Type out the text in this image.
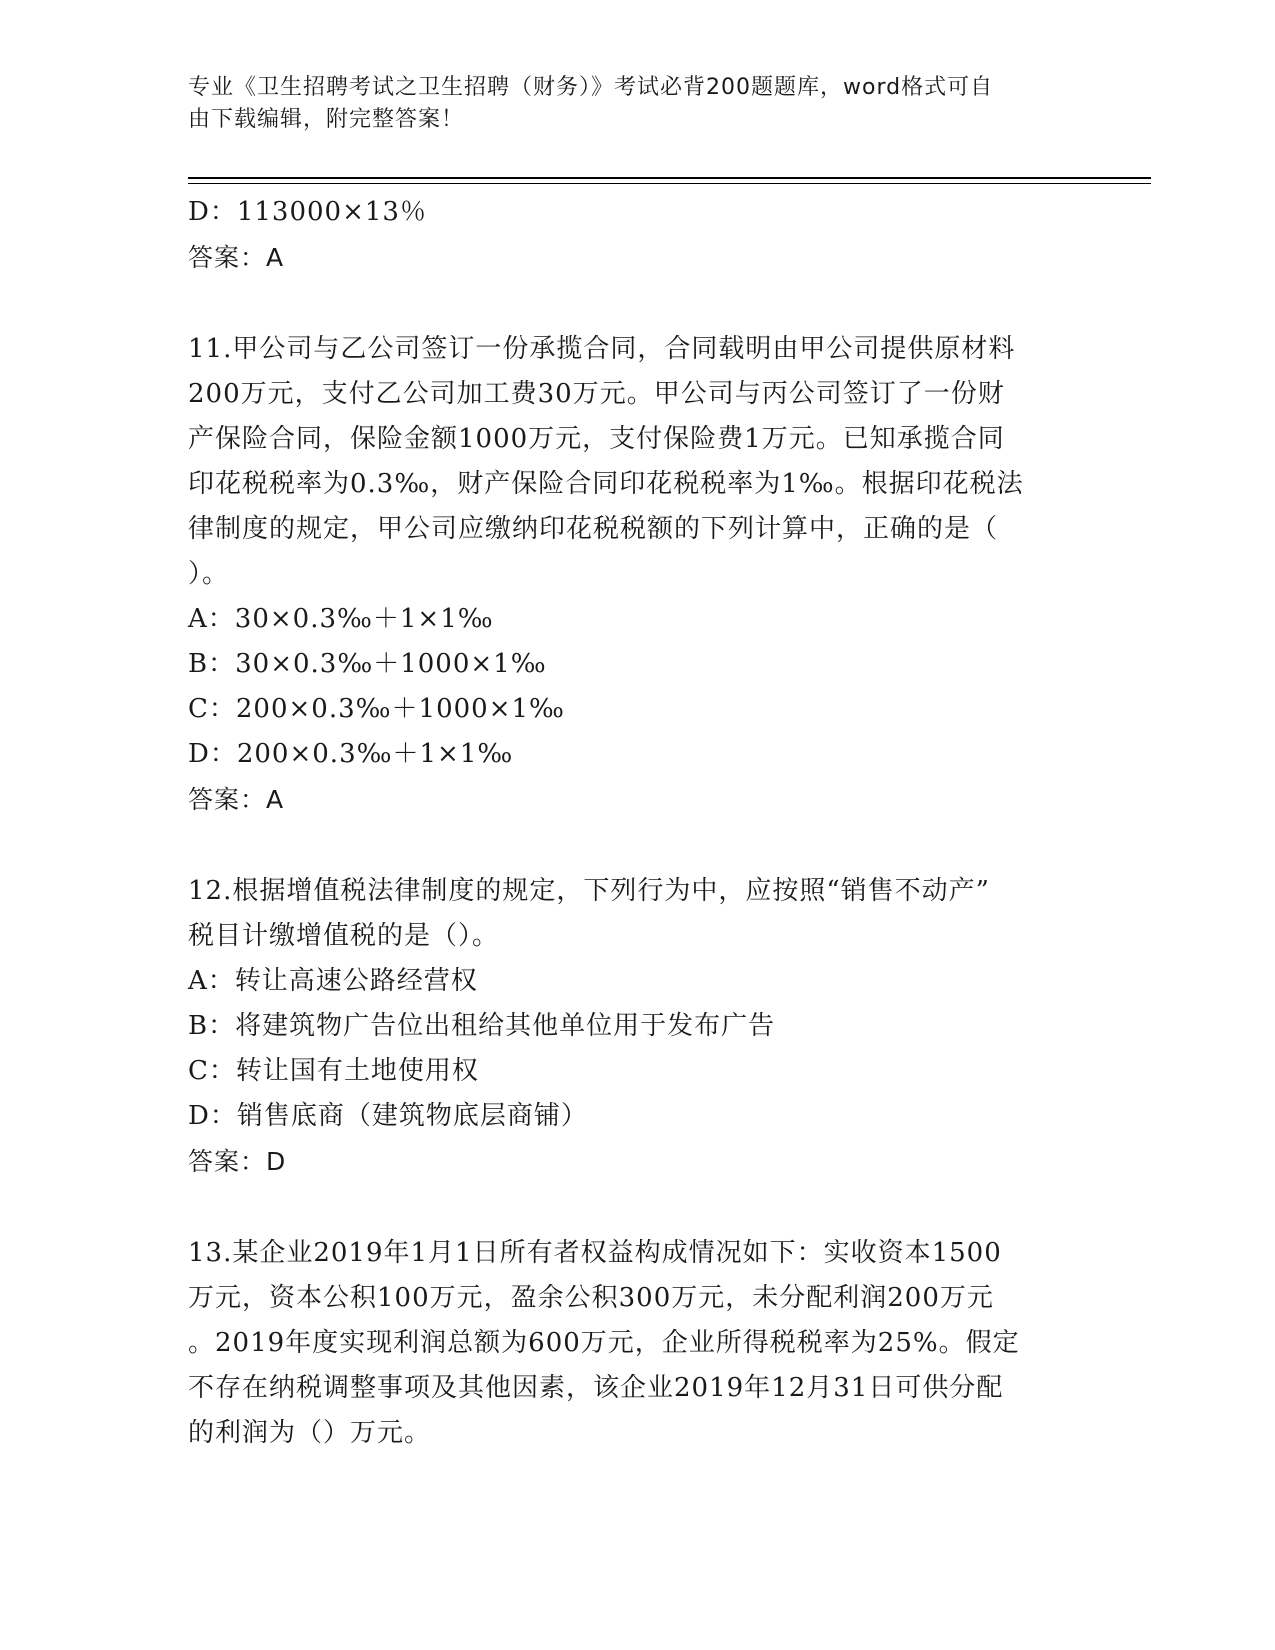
专业《卫生招聘考试之卫生招聘（财务）》考试必背200题题库，word格式可自
由下载编辑，附完整答案！
D：113000×13％
答案：A
11.甲公司与乙公司签订一份承揽合同，合同载明由甲公司提供原材料
200万元，支付乙公司加工费30万元。甲公司与丙公司签订了一份财
产保险合同，保险金额1000万元，支付保险费1万元。已知承揽合同
印花税税率为0.3‰，财产保险合同印花税税率为1‰。根据印花税法
律制度的规定，甲公司应缴纳印花税税额的下列计算中，正确的是（
）。
A：30×0.3‰＋1×1‰
B：30×0.3‰＋1000×1‰
C：200×0.3‰＋1000×1‰
D：200×0.3‰＋1×1‰
答案：A
12.根据增值税法律制度的规定，下列行为中，应按照“销售不动产”
税目计缴增值税的是（）。
A：转让高速公路经营权
B：将建筑物广告位出租给其他单位用于发布广告
C：转让国有土地使用权
D：销售底商（建筑物底层商铺）
答案：D
13.某企业2019年1月1日所有者权益构成情况如下：实收资本1500
万元，资本公积100万元，盈余公积300万元，未分配利润200万元
。2019年度实现利润总额为600万元，企业所得税税率为25%。假定
不存在纳税调整事项及其他因素，该企业2019年12月31日可供分配
的利润为（）万元。
